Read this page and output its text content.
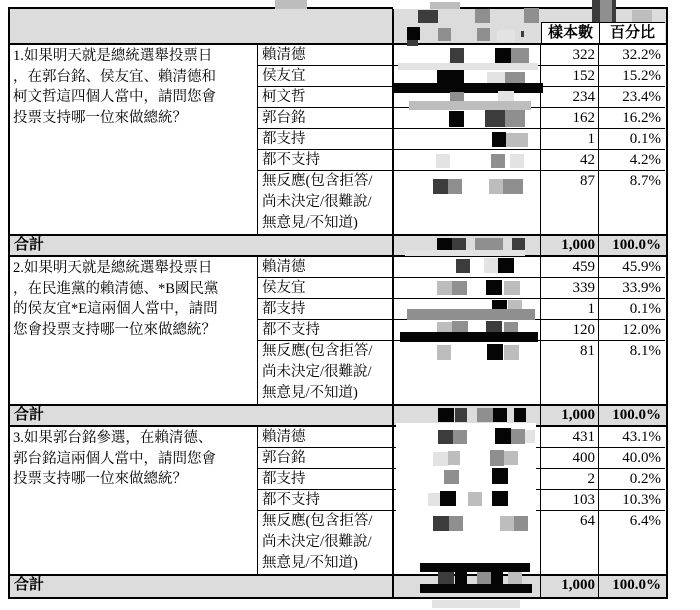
樣本數	百分比
1.如果明天就是總統選舉投票日
，在郭台銘、侯友宜、賴清德和
柯文哲這四個人當中，請問您會
投票支持哪一位來做總統？
賴清德	322	32.2%
侯友宜	152	15.2%
柯文哲	234	23.4%
郭台銘	162	16.2%
都支持	1	0.1%
都不支持	42	4.2%
無反應(包含拒答/
尚未決定/很難說/
無意見/不知道)
87	8.7%
合計	1,000	100.0%
2.如果明天就是總統選舉投票日
，在民進黨的賴清德、*B國民黨
的侯友宜*E這兩個人當中，請問
您會投票支持哪一位來做總統？
賴清德	459	45.9%
侯友宜	339	33.9%
都支持	1	0.1%
都不支持	120	12.0%
無反應(包含拒答/
尚未決定/很難說/
無意見/不知道)
81	8.1%
合計	1,000	100.0%
3.如果郭台銘參選，在賴清德、
郭台銘這兩個人當中，請問您會
投票支持哪一位來做總統？
賴清德	431	43.1%
郭台銘	400	40.0%
都支持	2	0.2%
都不支持	103	10.3%
無反應(包含拒答/
尚未決定/很難說/
無意見/不知道)
64	6.4%
合計	1,000	100.0%
